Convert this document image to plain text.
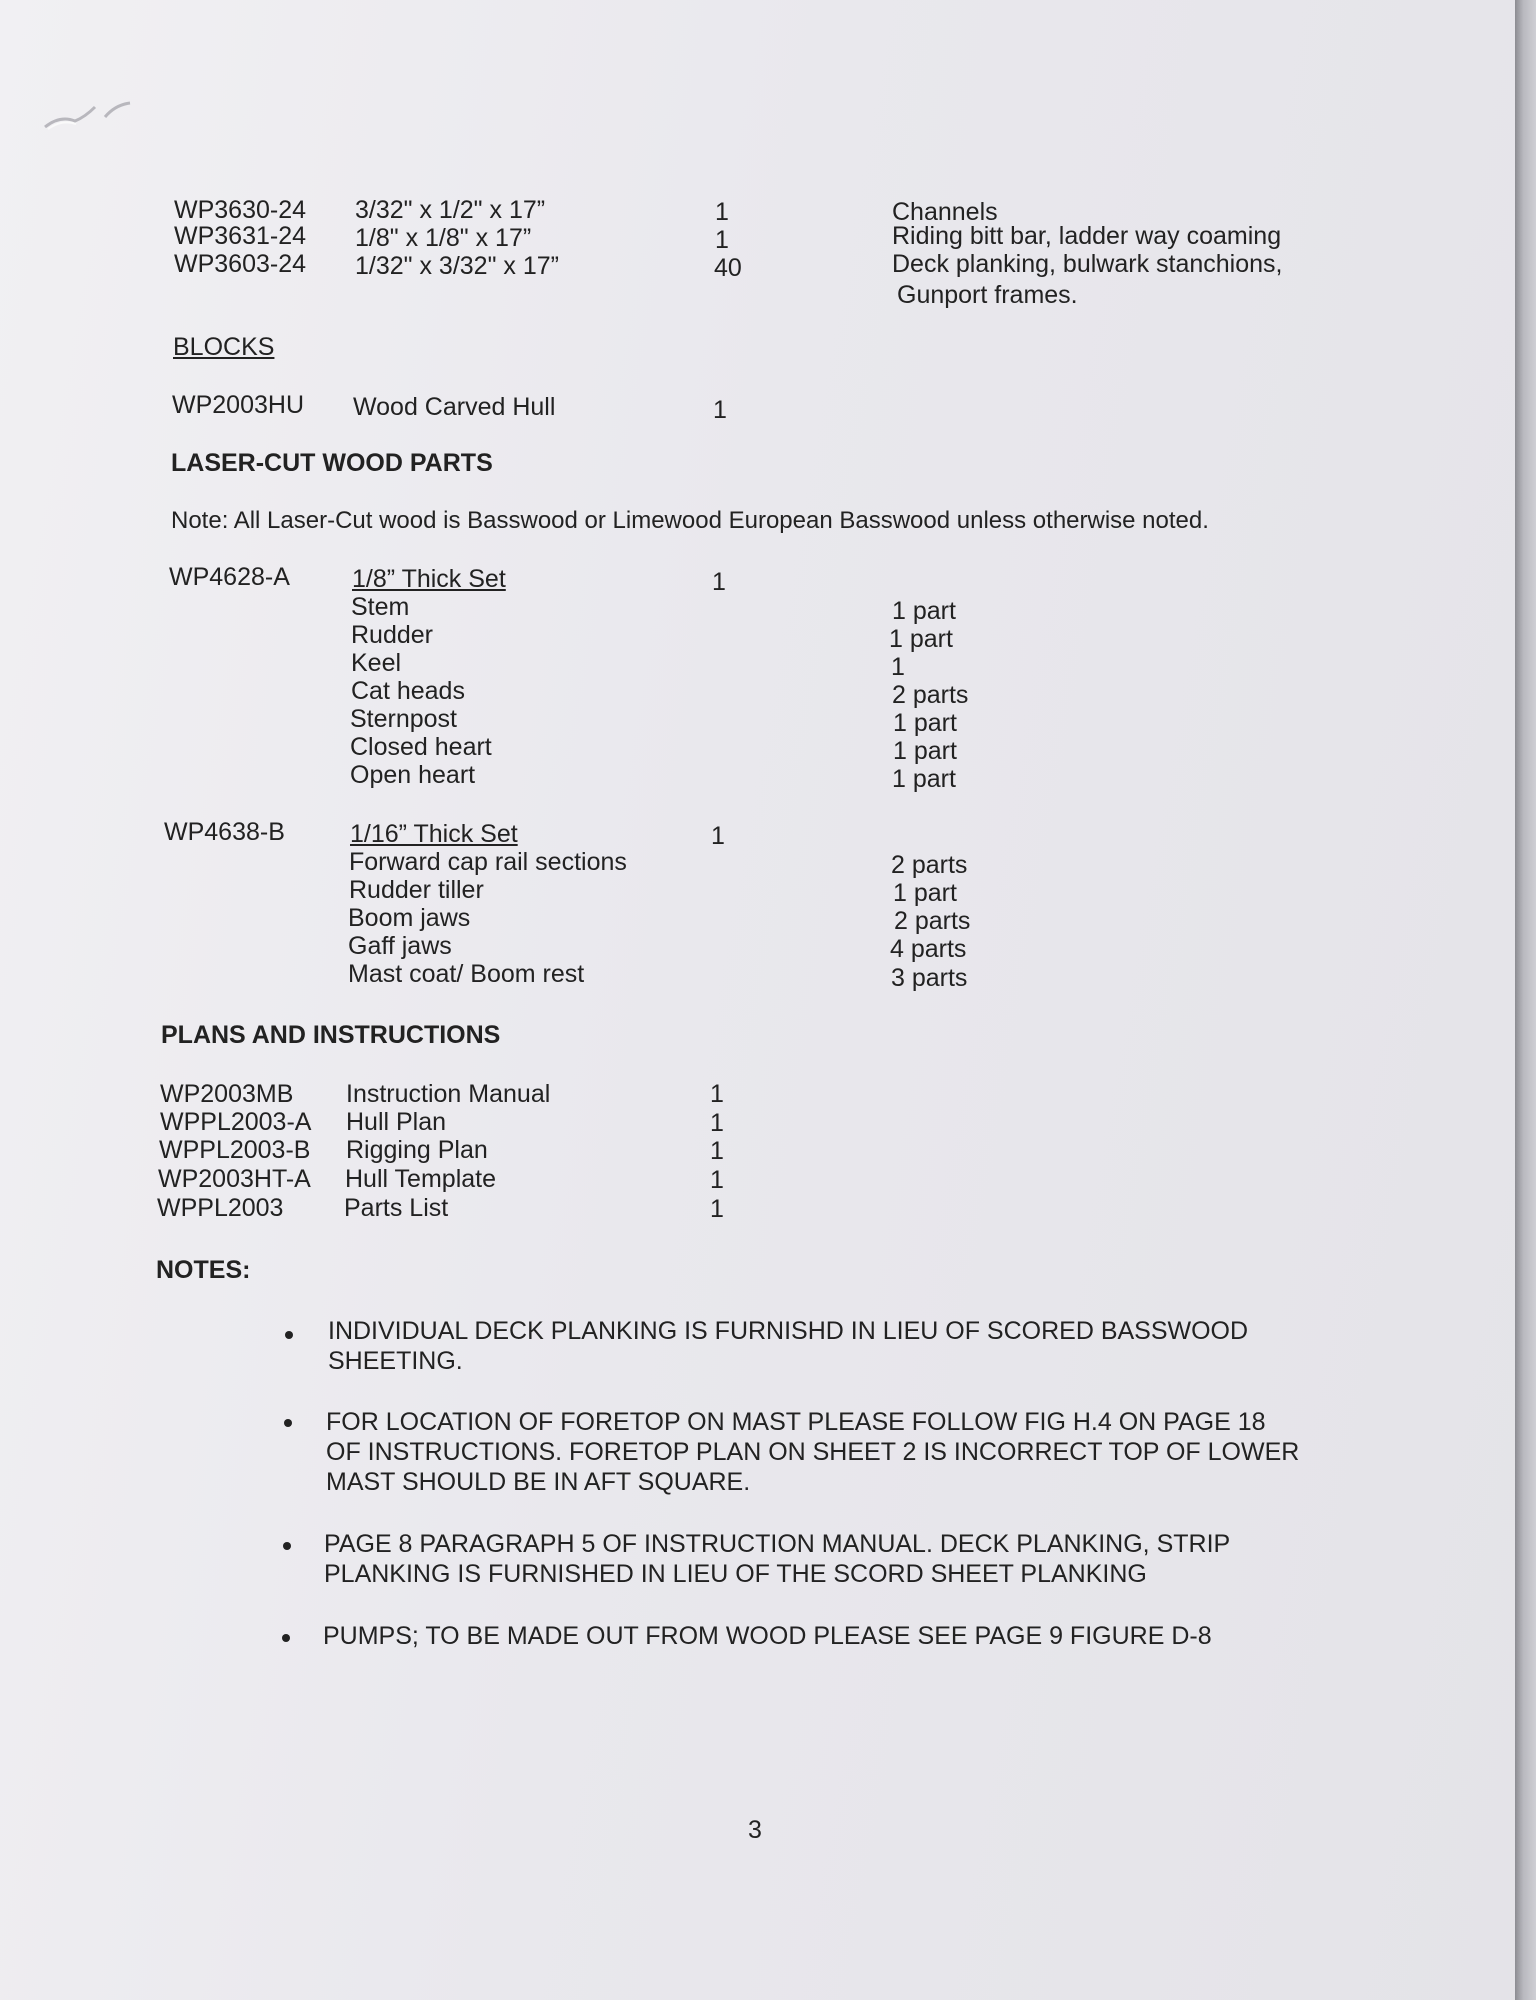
WP3630-24 3/32" x 1/2" x 17”	1	Channels
WP3631-24 1/8" x 1/8" x 17”	1	Riding bitt bar, ladder way coaming
WP3603-24 1/32" x 3/32" x 17”	40	Deck planking, bulwark stanchions,
Gunport frames.
BLOCKS
WP2003HU Wood Carved Hull	1
LASER-CUT WOOD PARTS
Note: All Laser-Cut wood is Basswood or Limewood European Basswood unless otherwise noted.
WP4628-A 1/8” Thick Set	1
Stem	1 part
Rudder	1 part
Keel	1
Cat heads	2 parts
Sternpost	1 part
Closed heart	1 part
Open heart	1 part
WP4638-B	1/16” Thick Set	1
Forward cap rail sections	2 parts
Rudder tiller	1 part
Boom jaws	2 parts
Gaff jaws	4 parts
Mast coat/ Boom rest	3 parts
PLANS AND INSTRUCTIONS
WP2003MB Instruction Manual	1
WPPL2003-A Hull Plan	1
WPPL2003-B Rigging Plan	1
WP2003HT-A Hull Template	1
WPPL2003 Parts List	1
NOTES:
INDIVIDUAL DECK PLANKING IS FURNISHD IN LIEU OF SCORED BASSWOOD
SHEETING.
FOR LOCATION OF FORETOP ON MAST PLEASE FOLLOW FIG H.4 ON PAGE 18
OF INSTRUCTIONS. FORETOP PLAN ON SHEET 2 IS INCORRECT TOP OF LOWER
MAST SHOULD BE IN AFT SQUARE.
PAGE 8 PARAGRAPH 5 OF INSTRUCTION MANUAL. DECK PLANKING, STRIP
PLANKING IS FURNISHED IN LIEU OF THE SCORD SHEET PLANKING
PUMPS; TO BE MADE OUT FROM WOOD PLEASE SEE PAGE 9 FIGURE D-8
3
